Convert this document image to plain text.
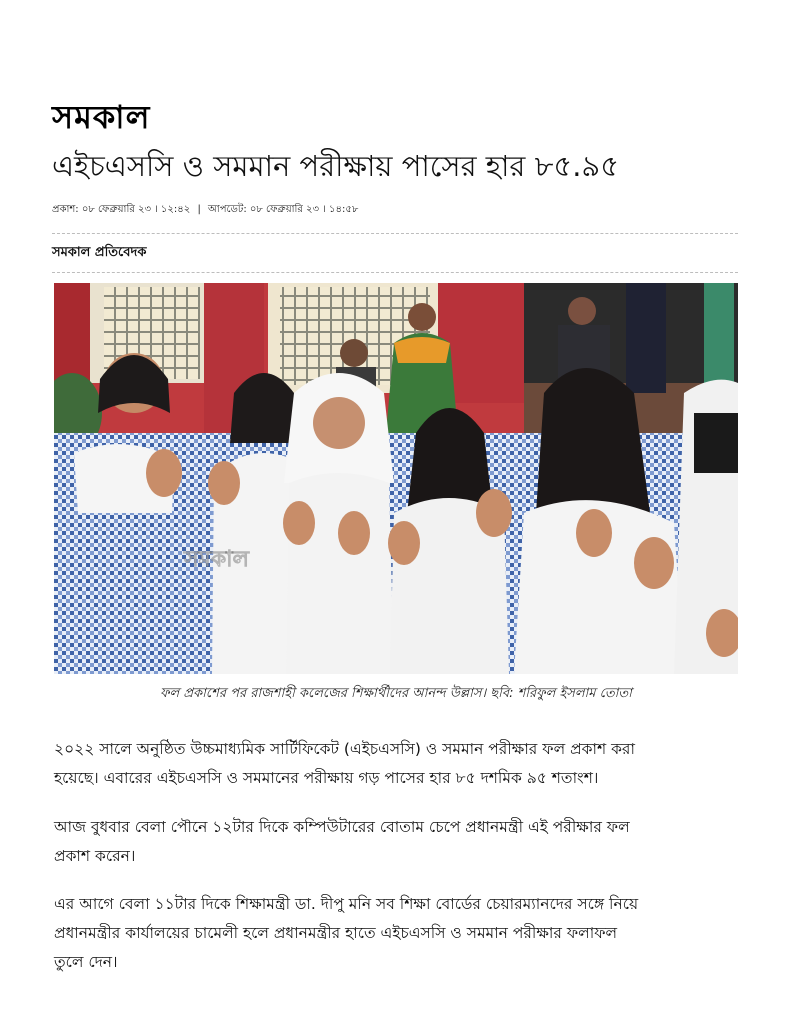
সমকাল
এইচএসসি ও সমমান পরীক্ষায় পাসের হার ৮৫.৯৫
প্রকাশ: ০৮ ফেব্রুয়ারি ২৩ । ১২:৪২ | আপডেট: ০৮ ফেব্রুয়ারি ২৩ । ১৪:৫৮
সমকাল প্রতিবেদক
সমকাল
ফল প্রকাশের পর রাজশাহী কলেজের শিক্ষার্থীদের আনন্দ উল্লাস। ছবি: শরিফুল ইসলাম তোতা
২০২২ সালে অনুষ্ঠিত উচ্চমাধ্যমিক সার্টিফিকেট (এইচএসসি) ও সমমান পরীক্ষার ফল প্রকাশ করা
হয়েছে। এবারের এইচএসসি ও সমমানের পরীক্ষায় গড় পাসের হার ৮৫ দশমিক ৯৫ শতাংশ।
আজ বুধবার বেলা পৌনে ১২টার দিকে কম্পিউটারের বোতাম চেপে প্রধানমন্ত্রী এই পরীক্ষার ফল
প্রকাশ করেন।
এর আগে বেলা ১১টার দিকে শিক্ষামন্ত্রী ডা. দীপু মনি সব শিক্ষা বোর্ডের চেয়ারম্যানদের সঙ্গে নিয়ে
প্রধানমন্ত্রীর কার্যালয়ের চামেলী হলে প্রধানমন্ত্রীর হাতে এইচএসসি ও সমমান পরীক্ষার ফলাফল
তুলে দেন।
